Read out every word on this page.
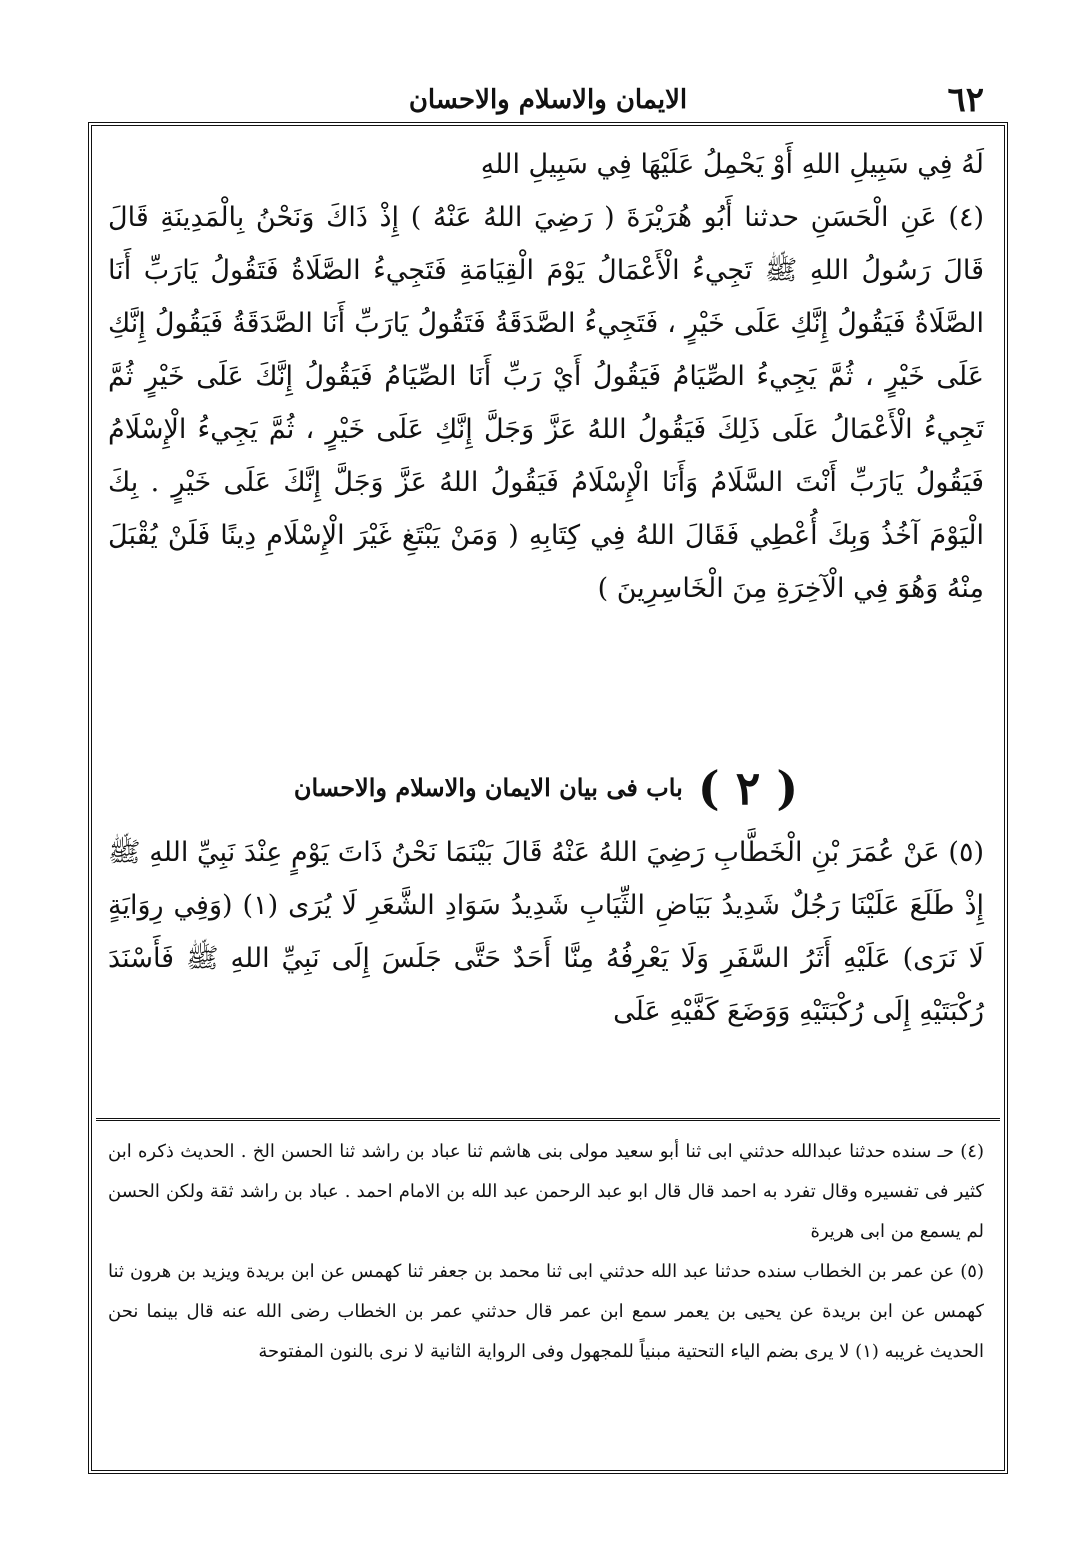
٦٢
الايمان والاسلام والاحسان

لَهُ فِي سَبِيلِ اللهِ أَوْ يَحْمِلُ عَلَيْهَا فِي سَبِيلِ اللهِ

(٤) عَنِ الْحَسَنِ حدثنا أَبُو هُرَيْرَةَ ( رَضِيَ اللهُ عَنْهُ ) إِذْ ذَاكَ وَنَحْنُ بِالْمَدِينَةِ قَالَ قَالَ رَسُولُ اللهِ ﷺ تَجِيءُ الْأَعْمَالُ يَوْمَ الْقِيَامَةِ فَتَجِيءُ الصَّلَاةُ فَتَقُولُ يَارَبِّ أَنَا الصَّلَاةُ فَيَقُولُ إِنَّكِ عَلَى خَيْرٍ ، فَتَجِيءُ الصَّدَقَةُ فَتَقُولُ يَارَبِّ أَنَا الصَّدَقَةُ فَيَقُولُ إِنَّكِ عَلَى خَيْرٍ ، ثُمَّ يَجِيءُ الصِّيَامُ فَيَقُولُ أَيْ رَبِّ أَنَا الصِّيَامُ فَيَقُولُ إِنَّكَ عَلَى خَيْرٍ ثُمَّ تَجِيءُ الْأَعْمَالُ عَلَى ذَلِكَ فَيَقُولُ اللهُ عَزَّ وَجَلَّ إِنَّكِ عَلَى خَيْرٍ ، ثُمَّ يَجِيءُ الْإِسْلَامُ فَيَقُولُ يَارَبِّ أَنْتَ السَّلَامُ وَأَنَا الْإِسْلَامُ فَيَقُولُ اللهُ عَزَّ وَجَلَّ إِنَّكَ عَلَى خَيْرٍ . بِكَ الْيَوْمَ آخُذُ وَبِكَ أُعْطِي فَقَالَ اللهُ فِي كِتَابِهِ ( وَمَنْ يَبْتَغِ غَيْرَ الْإِسْلَامِ دِينًا فَلَنْ يُقْبَلَ مِنْهُ وَهُوَ فِي الْآخِرَةِ مِنَ الْخَاسِرِينَ )

( ٢ ) باب فى بيان الايمان والاسلام والاحسان

(٥) عَنْ عُمَرَ بْنِ الْخَطَّابِ رَضِيَ اللهُ عَنْهُ قَالَ بَيْنَمَا نَحْنُ ذَاتَ يَوْمٍ عِنْدَ نَبِيِّ اللهِ ﷺ إِذْ طَلَعَ عَلَيْنَا رَجُلٌ شَدِيدُ بَيَاضِ الثِّيَابِ شَدِيدُ سَوَادِ الشَّعَرِ لَا يُرَى (١) (وَفِي رِوَايَةٍ لَا نَرَى) عَلَيْهِ أَثَرُ السَّفَرِ وَلَا يَعْرِفُهُ مِنَّا أَحَدٌ حَتَّى جَلَسَ إِلَى نَبِيِّ اللهِ ﷺ فَأَسْنَدَ رُكْبَتَيْهِ إِلَى رُكْبَتَيْهِ وَوَضَعَ كَفَّيْهِ عَلَى

(٤) حـ سنده حدثنا عبدالله حدثني ابى ثنا أبو سعيد مولى بنى هاشم ثنا عباد بن راشد ثنا الحسن الخ . الحديث ذكره ابن كثير فى تفسيره وقال تفرد به احمد قال قال ابو عبد الرحمن عبد الله بن الامام احمد . عباد بن راشد ثقة ولكن الحسن لم يسمع من ابى هريرة

(٥) عن عمر بن الخطاب سنده حدثنا عبد الله حدثني ابى ثنا محمد بن جعفر ثنا كهمس عن ابن بريدة ويزيد بن هرون ثنا كهمس عن ابن بريدة عن يحيى بن يعمر سمع ابن عمر قال حدثني عمر بن الخطاب رضى الله عنه قال بينما نحن الحديث غريبه (١) لا يرى بضم الياء التحتية مبنياً للمجهول وفى الرواية الثانية لا نرى بالنون المفتوحة
